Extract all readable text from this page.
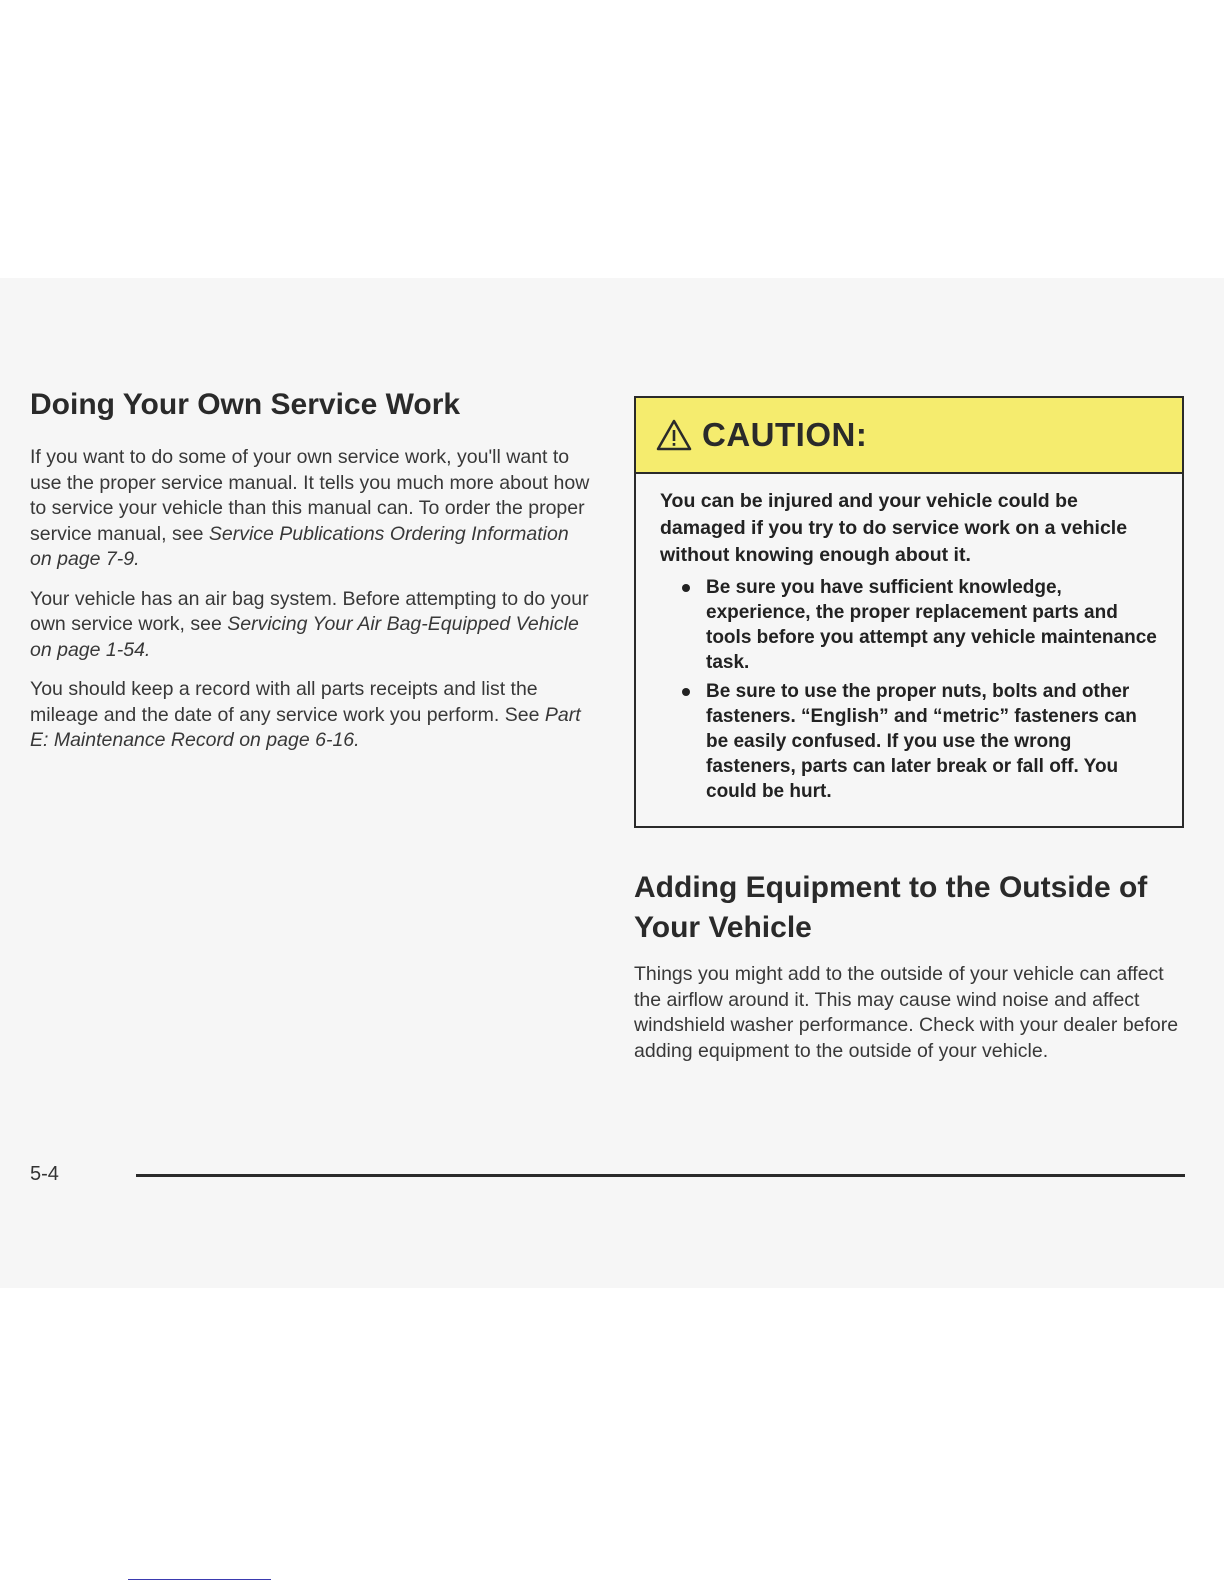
Doing Your Own Service Work

If you want to do some of your own service work, you'll want to use the proper service manual. It tells you much more about how to service your vehicle than this manual can. To order the proper service manual, see Service Publications Ordering Information on page 7-9.

Your vehicle has an air bag system. Before attempting to do your own service work, see Servicing Your Air Bag-Equipped Vehicle on page 1-54.

You should keep a record with all parts receipts and list the mileage and the date of any service work you perform. See Part E: Maintenance Record on page 6-16.

CAUTION:

You can be injured and your vehicle could be damaged if you try to do service work on a vehicle without knowing enough about it.

Be sure you have sufficient knowledge, experience, the proper replacement parts and tools before you attempt any vehicle maintenance task.
Be sure to use the proper nuts, bolts and other fasteners. “English” and “metric” fasteners can be easily confused. If you use the wrong fasteners, parts can later break or fall off. You could be hurt.
Adding Equipment to the Outside of Your Vehicle

Things you might add to the outside of your vehicle can affect the airflow around it. This may cause wind noise and affect windshield washer performance. Check with your dealer before adding equipment to the outside of your vehicle.

5-4
